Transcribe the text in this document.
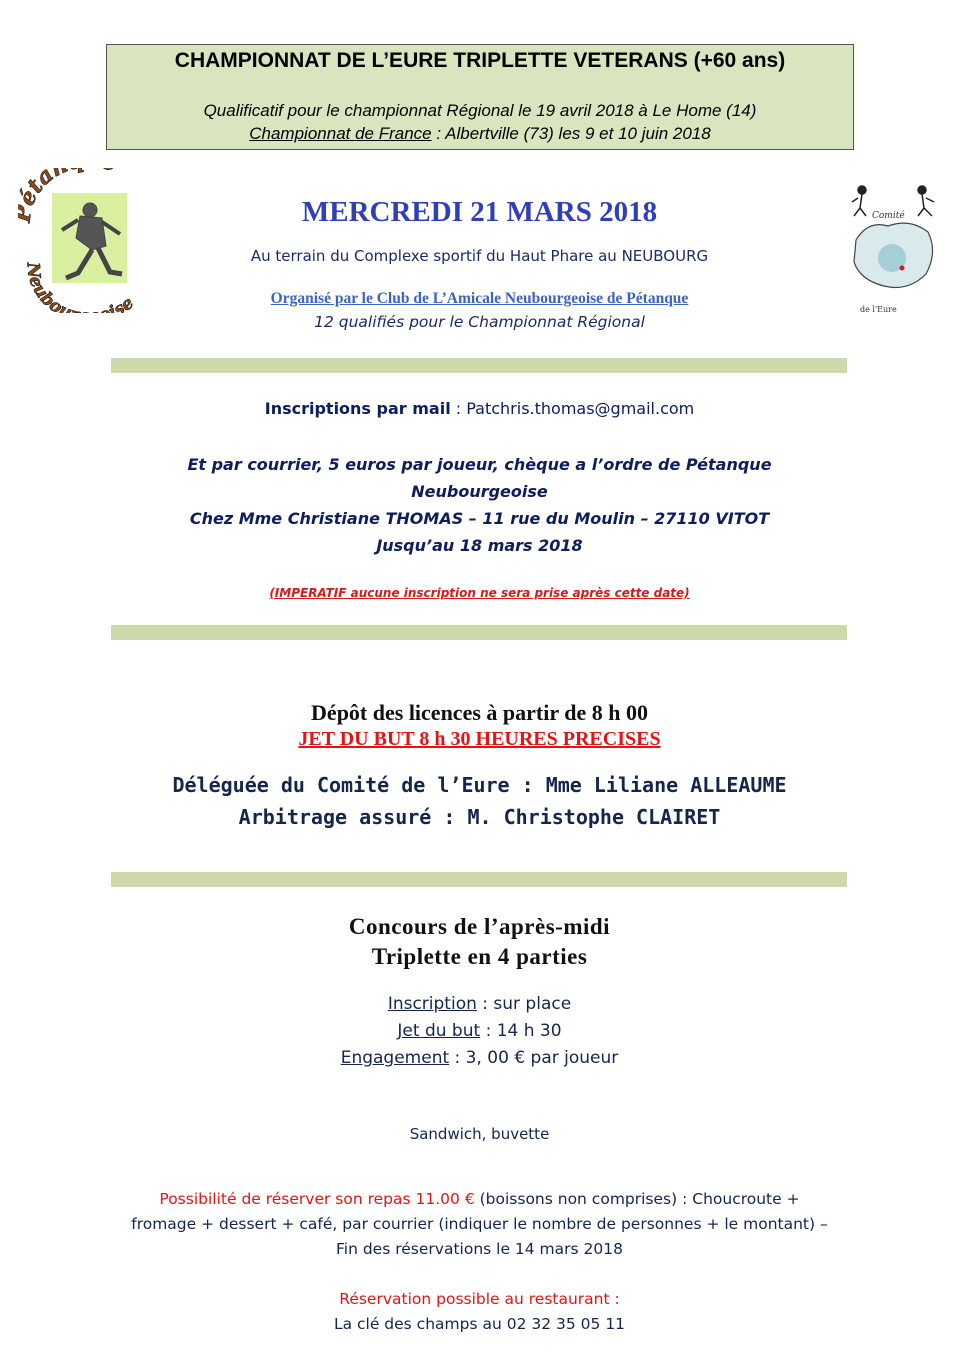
CHAMPIONNAT DE L’EURE TRIPLETTE VETERANS (+60 ans)
Qualificatif pour le championnat Régional le 19 avril 2018 à Le Home (14)
Championnat de France : Albertville (73) les 9 et 10 juin 2018
ta
Neubou ise
Comité
de l'Eure
MERCREDI 21 MARS 2018
Au terrain du Complexe sportif du Haut Phare au NEUBOURG
Organisé par le Club de L’Amicale Neubourgeoise de Pétanque
12 qualifiés pour le Championnat Régional
Inscriptions par mail : Patchris.thomas@gmail.com
Et par courrier, 5 euros par joueur, chèque a l’ordre de Pétanque
Neubourgeoise
Chez Mme Christiane THOMAS – 11 rue du Moulin – 27110 VITOT
Jusqu’au 18 mars 2018
(IMPERATIF aucune inscription ne sera prise après cette date)
Dépôt des licences à partir de 8 h 00
JET DU BUT 8 h 30 HEURES PRECISES
Déléguée du Comité de l’Eure : Mme Liliane ALLEAUME
Arbitrage assuré : M. Christophe CLAIRET
Concours de l’après-midi
Triplette en 4 parties
Inscription : sur place
Jet du but : 14 h 30
Engagement : 3, 00 € par joueur
Sandwich, buvette
Possibilité de réserver son repas 11.00 € (boissons non comprises) : Choucroute +
fromage + dessert + café, par courrier (indiquer le nombre de personnes + le montant) –
Fin des réservations le 14 mars 2018
Réservation possible au restaurant :
La clé des champs au 02 32 35 05 11
